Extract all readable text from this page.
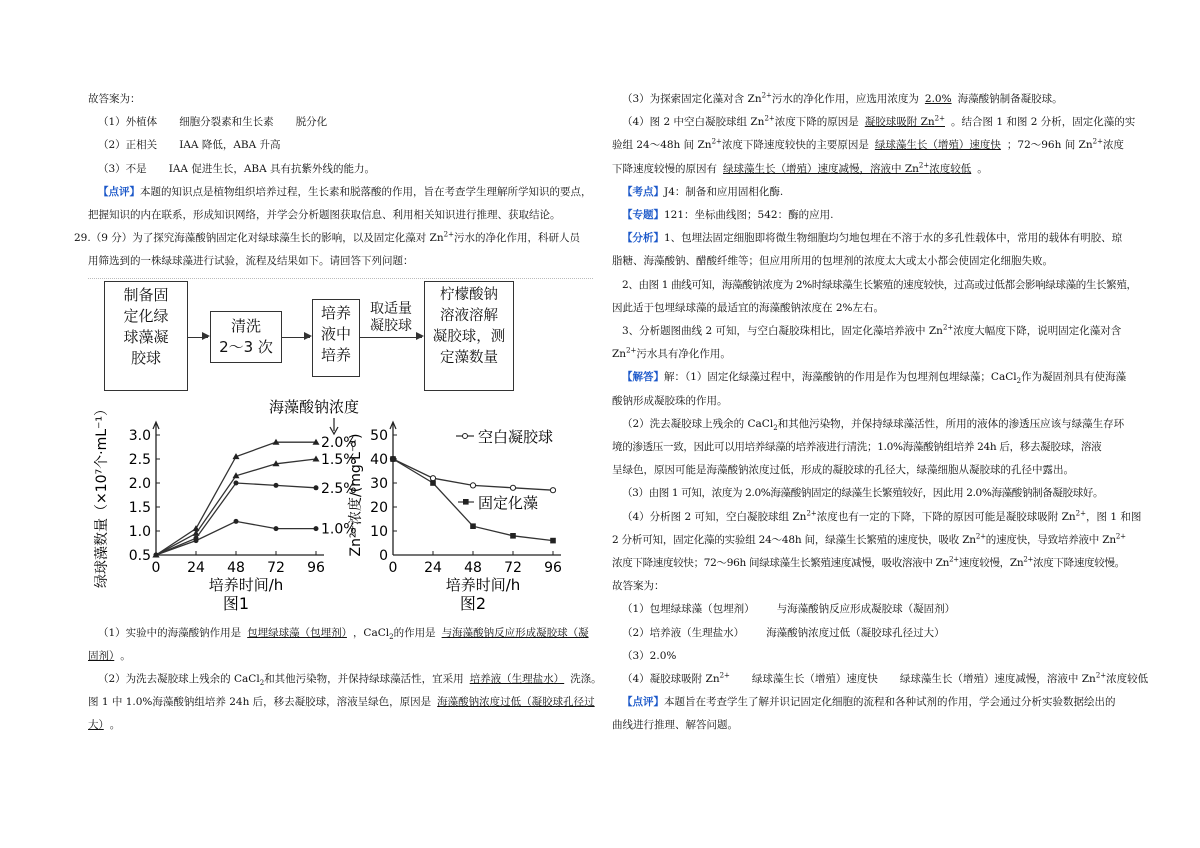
故答案为：
（1）外植体 细胞分裂素和生长素 脱分化
（2）正相关 IAA 降低，ABA 升高
（3）不是 IAA 促进生长，ABA 具有抗紫外线的能力。
【点评】本题的知识点是植物组织培养过程，生长素和脱落酸的作用，旨在考查学生理解所学知识的要点，
把握知识的内在联系，形成知识网络，并学会分析题图获取信息、利用相关知识进行推理、获取结论。
29.（9 分）为了探究海藻酸钠固定化对绿球藻生长的影响，以及固定化藻对 $Zn^{2+}$污水的净化作用，科研人员
用筛选到的一株绿球藻进行试验，流程及结果如下。请回答下列问题：
制备固
定化绿
球藻凝
胶球
清洗
2～3 次
培养
液中
培养
取适量
凝胶球
柠檬酸钠
溶液溶解
凝胶球，测
定藻数量
0.5
1.0
1.5
2.0
2.5
3.0
0 24 48 72 96
培养时间/h
图1
绿球藻数量（×10⁷个·mL⁻¹）	海藻酸钠浓度
2.0%
1.5%
2.5%
1.0%
0
10
20
30
40
50
0 24 48 72 96
培养时间/h
图2
Zn²⁺浓度/(mg·L⁻¹)	空白凝胶球
固定化藻
（1）实验中的海藻酸钠作用是 包埋绿球藻（包埋剂） ，CaCl$_2$的作用是 与海藻酸钠反应形成凝胶球（凝
固剂） 。
（2）为洗去凝胶球上残余的 CaCl$_2$和其他污染物，并保持绿球藻活性，宜采用 培养液（生理盐水） 洗涤。
图 1 中 1.0%海藻酸钠组培养 24h 后，移去凝胶球，溶液呈绿色，原因是 海藻酸钠浓度过低（凝胶球孔径过
大） 。
（3）为探索固定化藻对含 $Zn^{2+}$污水的净化作用，应选用浓度为 2.0% 海藻酸钠制备凝胶球。
（4）图 2 中空白凝胶球组 $Zn^{2+}$浓度下降的原因是 凝胶球吸附 $Zn^{2+}$ 。结合图 1 和图 2 分析，固定化藻的实
验组 24～48h 间 $Zn^{2+}$浓度下降速度较快的主要原因是 绿球藻生长（增殖）速度快 ；72～96h 间 $Zn^{2+}$浓度
下降速度较慢的原因有 绿球藻生长（增殖）速度减慢，溶液中 $Zn^{2+}$浓度较低 。
【考点】J4：制备和应用固相化酶.
【专题】121：坐标曲线图；542：酶的应用.
【分析】1、包埋法固定细胞即将微生物细胞均匀地包埋在不溶于水的多孔性载体中，常用的载体有明胶、琼
脂糖、海藻酸钠、醋酸纤维等；但应用所用的包埋剂的浓度太大或太小都会使固定化细胞失败。
2、由图 1 曲线可知，海藻酸钠浓度为 2%时绿球藻生长繁殖的速度较快，过高或过低都会影响绿球藻的生长繁殖，
因此适于包埋绿球藻的最适宜的海藻酸钠浓度在 2%左右。
3、分析题图曲线 2 可知，与空白凝胶珠相比，固定化藻培养液中 $Zn^{2+}$浓度大幅度下降，说明固定化藻对含
$Zn^{2+}$污水具有净化作用。
【解答】解：（1）固定化绿藻过程中，海藻酸钠的作用是作为包埋剂包埋绿藻；CaCl$_2$作为凝固剂具有使海藻
酸钠形成凝胶珠的作用。
（2）洗去凝胶球上残余的 CaCl$_2$和其他污染物，并保持绿球藻活性，所用的液体的渗透压应该与绿藻生存环
境的渗透压一致，因此可以用培养绿藻的培养液进行清洗；1.0%海藻酸钠组培养 24h 后，移去凝胶球，溶液
呈绿色，原因可能是海藻酸钠浓度过低，形成的凝胶球的孔径大，绿藻细胞从凝胶球的孔径中露出。
（3）由图 1 可知，浓度为 2.0%海藻酸钠固定的绿藻生长繁殖较好，因此用 2.0%海藻酸钠制备凝胶球好。
（4）分析图 2 可知，空白凝胶球组 $Zn^{2+}$浓度也有一定的下降，下降的原因可能是凝胶球吸附 $Zn^{2+}$，图 1 和图
2 分析可知，固定化藻的实验组 24～48h 间，绿藻生长繁殖的速度快，吸收 $Zn^{2+}$的速度快，导致培养液中 $Zn^{2+}$
浓度下降速度较快；72～96h 间绿球藻生长繁殖速度减慢，吸收溶液中 $Zn^{2+}$速度较慢，$Zn^{2+}$浓度下降速度较慢。
故答案为：
（1）包埋绿球藻（包埋剂） 与海藻酸钠反应形成凝胶球（凝固剂）
（2）培养液（生理盐水） 海藻酸钠浓度过低（凝胶球孔径过大）
（3）2.0%
（4）凝胶球吸附 $Zn^{2+}$ 绿球藻生长（增殖）速度快 绿球藻生长（增殖）速度减慢，溶液中 $Zn^{2+}$浓度较低
【点评】本题旨在考查学生了解并识记固定化细胞的流程和各种试剂的作用，学会通过分析实验数据绘出的
曲线进行推理、解答问题。
